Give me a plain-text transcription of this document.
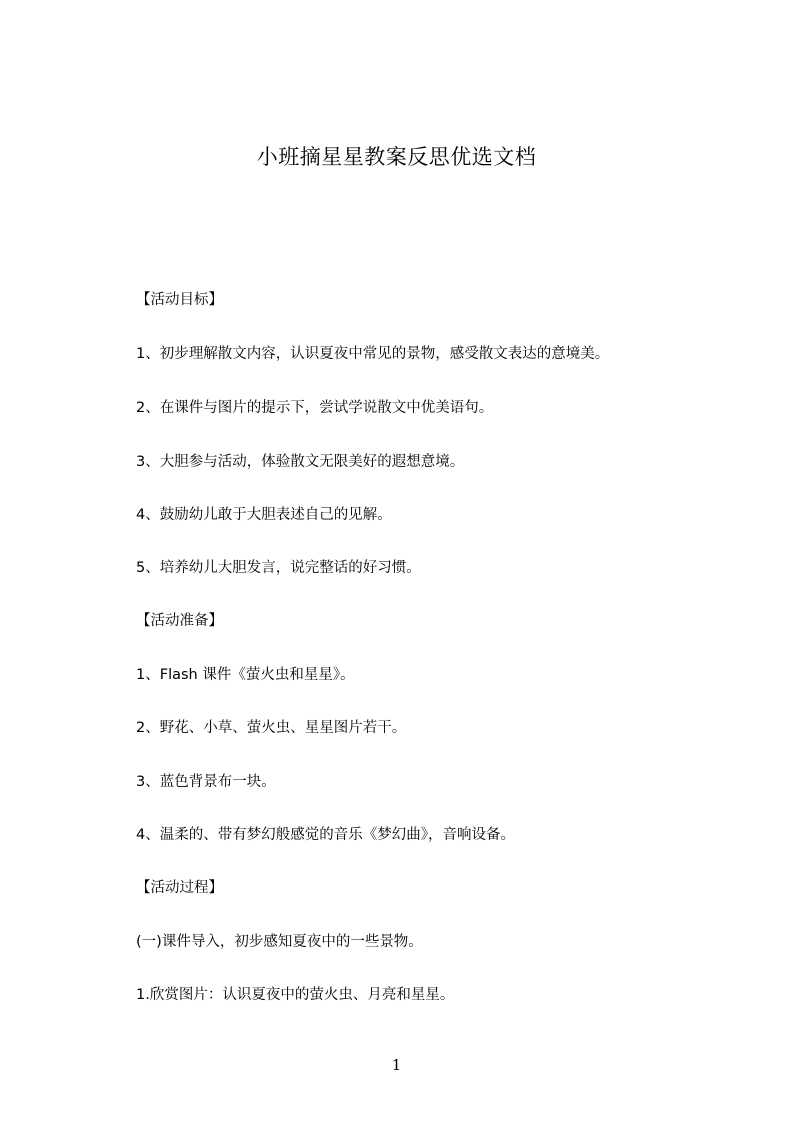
小班摘星星教案反思优选文档
【活动目标】
1、初步理解散文内容，认识夏夜中常见的景物，感受散文表达的意境美。
2、在课件与图片的提示下，尝试学说散文中优美语句。
3、大胆参与活动，体验散文无限美好的遐想意境。
4、鼓励幼儿敢于大胆表述自己的见解。
5、培养幼儿大胆发言，说完整话的好习惯。
【活动准备】
1、Flash 课件《萤火虫和星星》。
2、野花、小草、萤火虫、星星图片若干。
3、蓝色背景布一块。
4、温柔的、带有梦幻般感觉的音乐《梦幻曲》，音响设备。
【活动过程】
(一)课件导入，初步感知夏夜中的一些景物。
1.欣赏图片：认识夏夜中的萤火虫、月亮和星星。
1
